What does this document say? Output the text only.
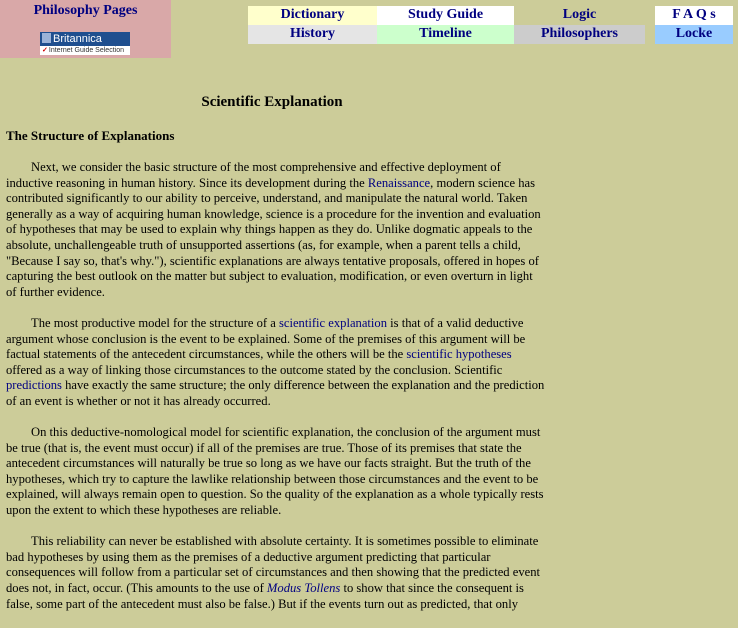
Philosophy Pages
Britannica
✓Internet Guide Selection
Dictionary	Study Guide	Logic	F A Q s
History	Timeline	Philosophers	Locke
Scientific Explanation
The Structure of Explanations

Next, we consider the basic structure of the most comprehensive and effective deployment of inductive reasoning in human history. Since its development during the Renaissance, modern science has contributed significantly to our ability to perceive, understand, and manipulate the natural world. Taken generally as a way of acquiring human knowledge, science is a procedure for the invention and evaluation of hypotheses that may be used to explain why things happen as they do. Unlike dogmatic appeals to the absolute, unchallengeable truth of unsupported assertions (as, for example, when a parent tells a child, "Because I say so, that's why."), scientific explanations are always tentative proposals, offered in hopes of capturing the best outlook on the matter but subject to evaluation, modification, or even overturn in light of further evidence.

The most productive model for the structure of a scientific explanation is that of a valid deductive argument whose conclusion is the event to be explained. Some of the premises of this argument will be factual statements of the antecedent circumstances, while the others will be the scientific hypotheses offered as a way of linking those circumstances to the outcome stated by the conclusion. Scientific predictions have exactly the same structure; the only difference between the explanation and the prediction of an event is whether or not it has already occurred.

On this deductive-nomological model for scientific explanation, the conclusion of the argument must be true (that is, the event must occur) if all of the premises are true. Those of its premises that state the antecedent circumstances will naturally be true so long as we have our facts straight. But the truth of the hypotheses, which try to capture the lawlike relationship between those circumstances and the event to be explained, will always remain open to question. So the quality of the explanation as a whole typically rests upon the extent to which these hypotheses are reliable.

This reliability can never be established with absolute certainty. It is sometimes possible to eliminate bad hypotheses by using them as the premises of a deductive argument predicting that particular consequences will follow from a particular set of circumstances and then showing that the predicted event does not, in fact, occur. (This amounts to the use of Modus Tollens to show that since the consequent is false, some part of the antecedent must also be false.) But if the events turn out as predicted, that only
